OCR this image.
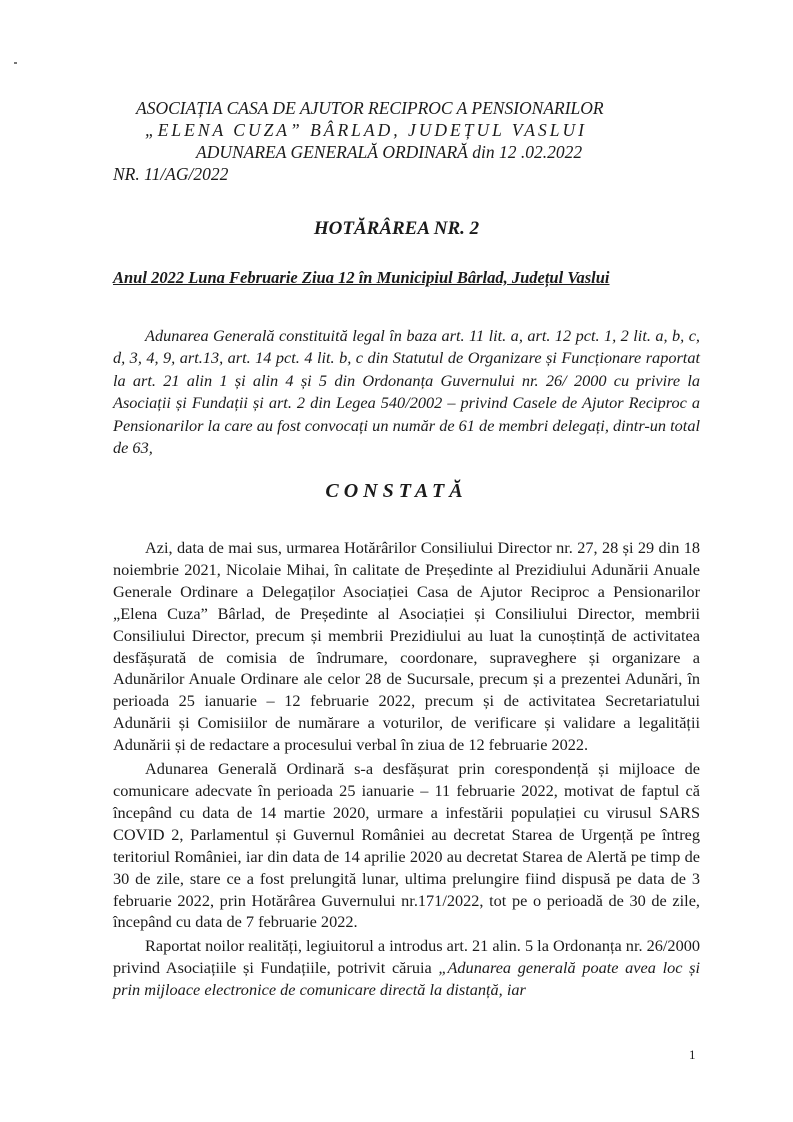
ASOCIAȚIA CASA DE AJUTOR RECIPROC A PENSIONARILOR
„ELENA CUZA” BÂRLAD, JUDEȚUL VASLUI
ADUNAREA GENERALĂ ORDINARĂ din 12 .02.2022
NR. 11/AG/2022
HOTĂRÂREA NR. 2
Anul 2022 Luna Februarie Ziua 12 în Municipiul Bârlad, Județul Vaslui
Adunarea Generală constituită legal în baza art. 11 lit. a, art. 12 pct. 1, 2 lit. a, b, c, d, 3, 4, 9, art.13, art. 14 pct. 4 lit. b, c din Statutul de Organizare și Funcționare raportat la art. 21 alin 1 și alin 4 și 5 din Ordonanța Guvernului nr. 26/ 2000 cu privire la Asociații și Fundații și art. 2 din Legea 540/2002 – privind Casele de Ajutor Reciproc a Pensionarilor la care au fost convocați un număr de 61 de membri delegați, dintr-un total de 63,
CONSTATĂ

Azi, data de mai sus, urmarea Hotărârilor Consiliului Director nr. 27, 28 și 29 din 18 noiembrie 2021, Nicolaie Mihai, în calitate de Președinte al Prezidiului Adunării Anuale Generale Ordinare a Delegaților Asociației Casa de Ajutor Reciproc a Pensionarilor „Elena Cuza” Bârlad, de Președinte al Asociației și Consiliului Director, membrii Consiliului Director, precum și membrii Prezidiului au luat la cunoștință de activitatea desfășurată de comisia de îndrumare, coordonare, supraveghere și organizare a Adunărilor Anuale Ordinare ale celor 28 de Sucursale, precum și a prezentei Adunări, în perioada 25 ianuarie – 12 februarie 2022, precum și de activitatea Secretariatului Adunării și Comisiilor de numărare a voturilor, de verificare și validare a legalității Adunării și de redactare a procesului verbal în ziua de 12 februarie 2022.

Adunarea Generală Ordinară s-a desfășurat prin corespondență și mijloace de comunicare adecvate în perioada 25 ianuarie – 11 februarie 2022, motivat de faptul că începând cu data de 14 martie 2020, urmare a infestării populației cu virusul SARS COVID 2, Parlamentul și Guvernul României au decretat Starea de Urgență pe întreg teritoriul României, iar din data de 14 aprilie 2020 au decretat Starea de Alertă pe timp de 30 de zile, stare ce a fost prelungită lunar, ultima prelungire fiind dispusă pe data de 3 februarie 2022, prin Hotărârea Guvernului nr.171/2022, tot pe o perioadă de 30 de zile, începând cu data de 7 februarie 2022.

Raportat noilor realități, legiuitorul a introdus art. 21 alin. 5 la Ordonanța nr. 26/2000 privind Asociațiile și Fundațiile, potrivit căruia „Adunarea generală poate avea loc și prin mijloace electronice de comunicare directă la distanță, iar

1
